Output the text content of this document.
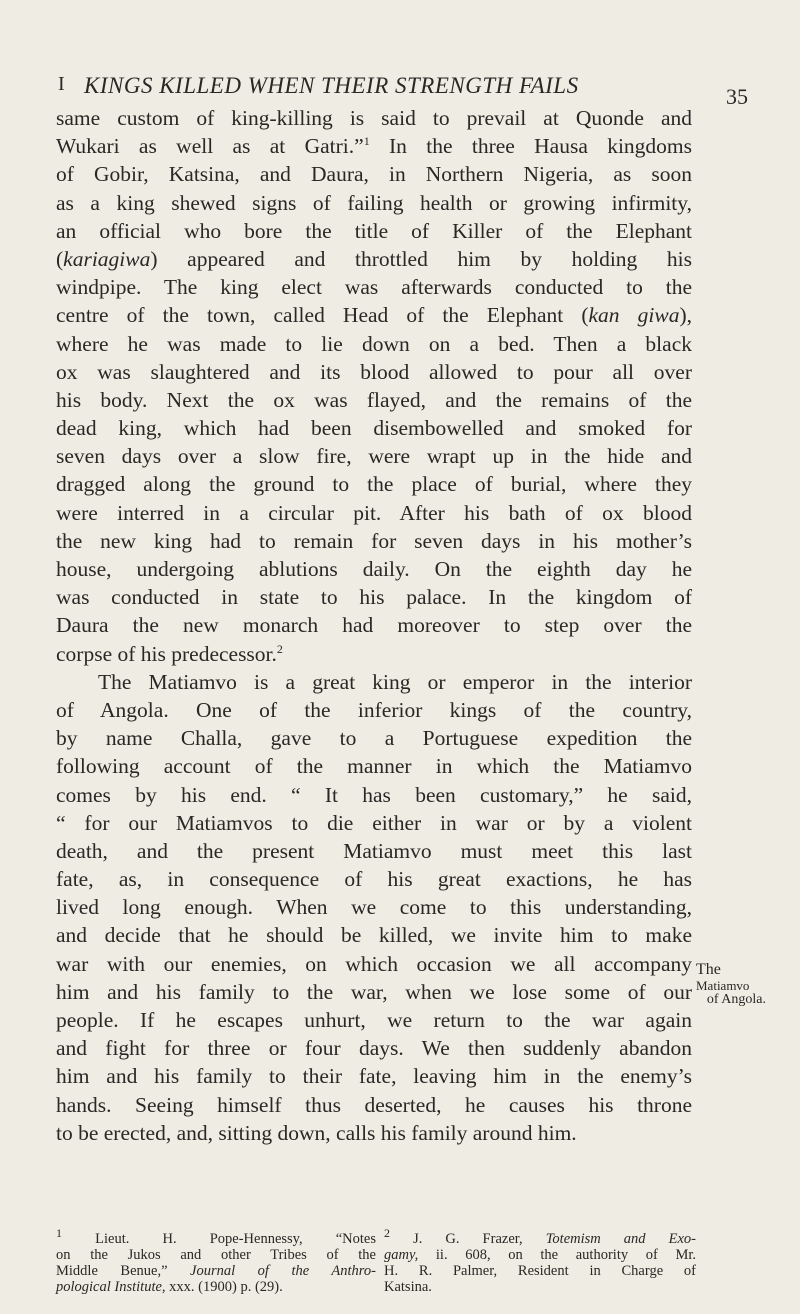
I KINGS KILLED WHEN THEIR STRENGTH FAILS	35
same custom of king-killing is said to prevail at Quonde and
Wukari as well as at Gatri.”$^1$ In the three Hausa kingdoms
of Gobir, Katsina, and Daura, in Northern Nigeria, as soon
as a king shewed signs of failing health or growing infirmity,
an official who bore the title of Killer of the Elephant
(kariagiwa) appeared and throttled him by holding his
windpipe. The king elect was afterwards conducted to the
centre of the town, called Head of the Elephant (kan giwa),
where he was made to lie down on a bed. Then a black
ox was slaughtered and its blood allowed to pour all over
his body. Next the ox was flayed, and the remains of the
dead king, which had been disembowelled and smoked for
seven days over a slow fire, were wrapt up in the hide and
dragged along the ground to the place of burial, where they
were interred in a circular pit. After his bath of ox blood
the new king had to remain for seven days in his mother’s
house, undergoing ablutions daily. On the eighth day he
was conducted in state to his palace. In the kingdom of
Daura the new monarch had moreover to step over the
corpse of his predecessor.$^2$
The Matiamvo is a great king or emperor in the interior
of Angola. One of the inferior kings of the country,
by name Challa, gave to a Portuguese expedition the
following account of the manner in which the Matiamvo
comes by his end. “ It has been customary,” he said,
“ for our Matiamvos to die either in war or by a violent
death, and the present Matiamvo must meet this last
fate, as, in consequence of his great exactions, he has
lived long enough. When we come to this understanding,
and decide that he should be killed, we invite him to make
war with our enemies, on which occasion we all accompany
him and his family to the war, when we lose some of our
people. If he escapes unhurt, we return to the war again
and fight for three or four days. We then suddenly abandon
him and his family to their fate, leaving him in the enemy’s
hands. Seeing himself thus deserted, he causes his throne
to be erected, and, sitting down, calls his family around him.
The
Matiamvo
of Angola.
$^1$ Lieut. H. Pope-Hennessy, “Notes
on the Jukos and other Tribes of the
Middle Benue,” Journal of the Anthro-
pological Institute, xxx. (1900) p. (29).
$^2$ J. G. Frazer, Totemism and Exo-
gamy, ii. 608, on the authority of Mr.
H. R. Palmer, Resident in Charge of
Katsina.
